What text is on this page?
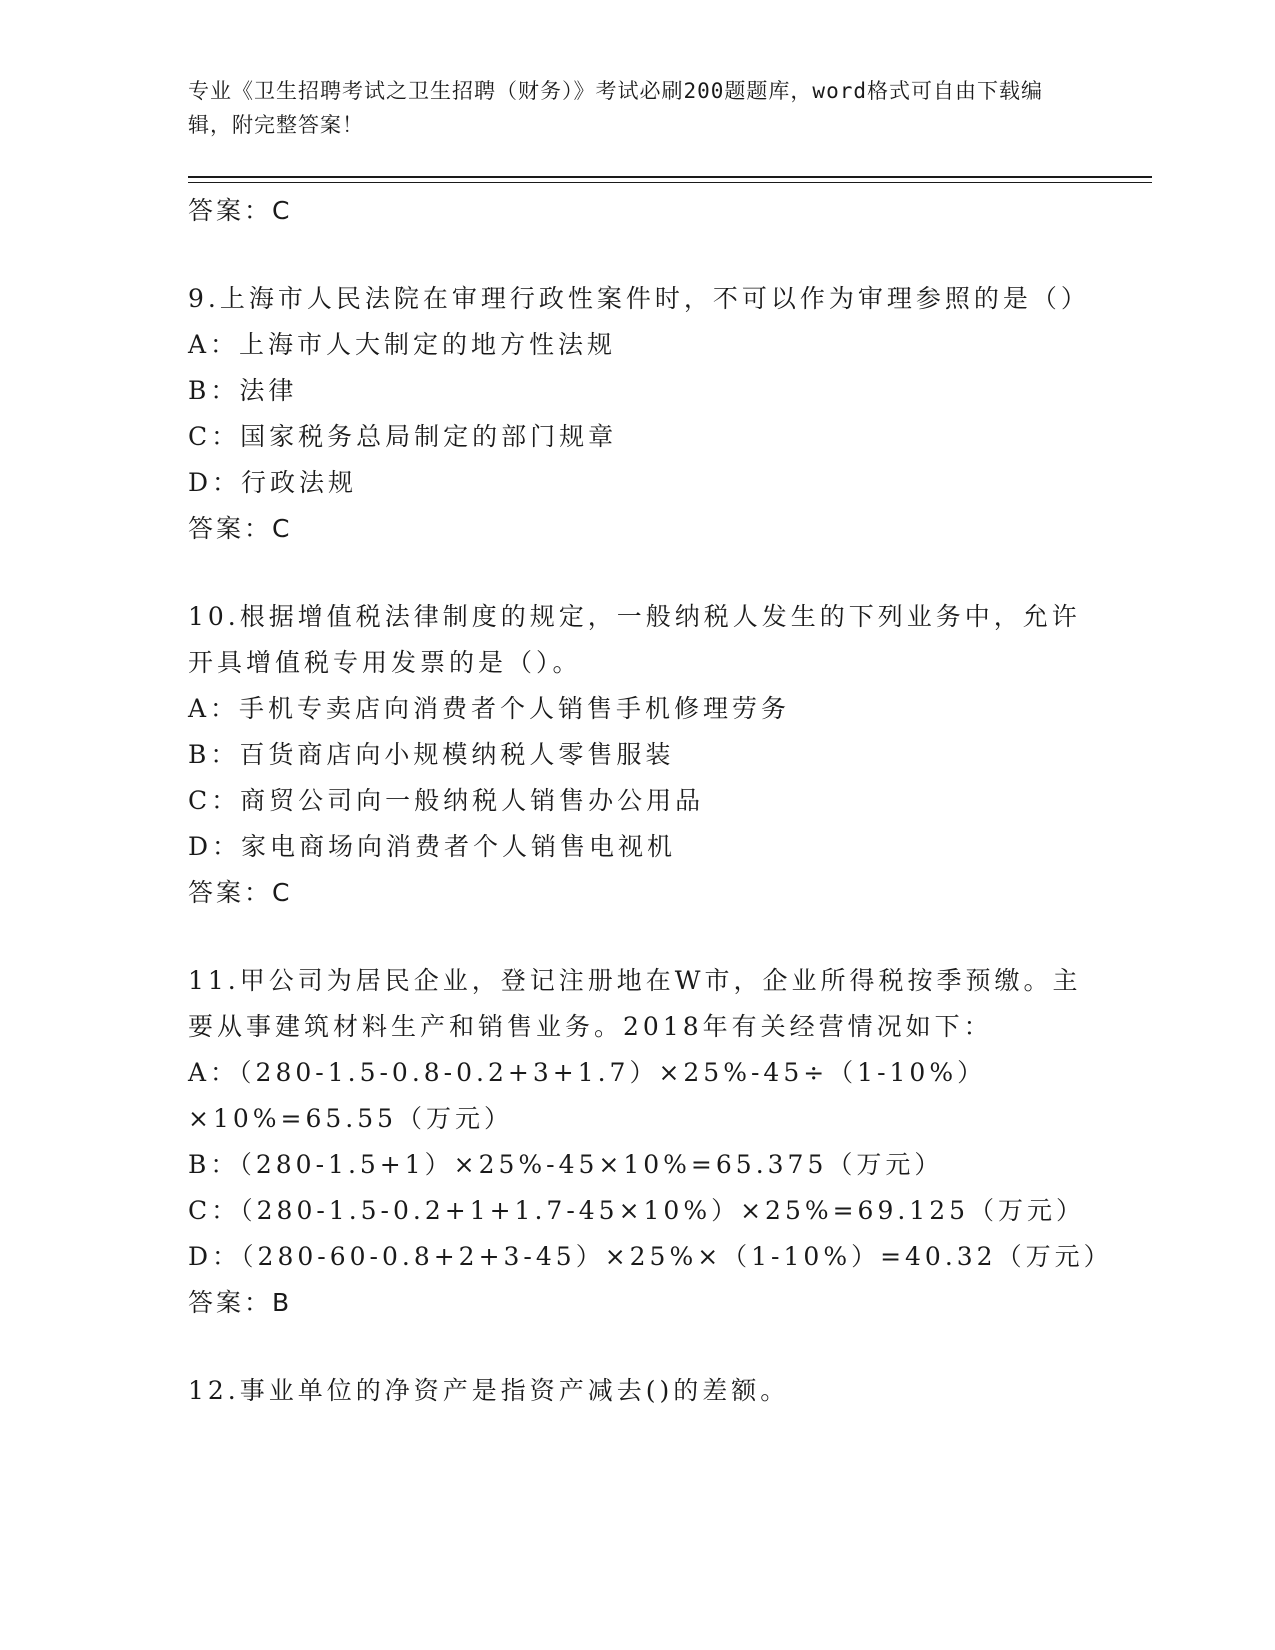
专业《卫生招聘考试之卫生招聘（财务）》考试必刷200题题库，word格式可自由下载编辑，附完整答案！
答案：C
9.上海市人民法院在审理行政性案件时，不可以作为审理参照的是（）
A：上海市人大制定的地方性法规
B：法律
C：国家税务总局制定的部门规章
D：行政法规
答案：C
10.根据增值税法律制度的规定，一般纳税人发生的下列业务中，允许开具增值税专用发票的是（）。
A：手机专卖店向消费者个人销售手机修理劳务
B：百货商店向小规模纳税人零售服装
C：商贸公司向一般纳税人销售办公用品
D：家电商场向消费者个人销售电视机
答案：C
11.甲公司为居民企业，登记注册地在W市，企业所得税按季预缴。主要从事建筑材料生产和销售业务。2018年有关经营情况如下：
A：（280-1.5-0.8-0.2+3+1.7）×25%-45÷（1-10%）×10%=65.55（万元）
B：（280-1.5+1）×25%-45×10%=65.375（万元）
C：（280-1.5-0.2+1+1.7-45×10%）×25%=69.125（万元）
D：（280-60-0.8+2+3-45）×25%×（1-10%）=40.32（万元）
答案：B
12.事业单位的净资产是指资产减去()的差额。
